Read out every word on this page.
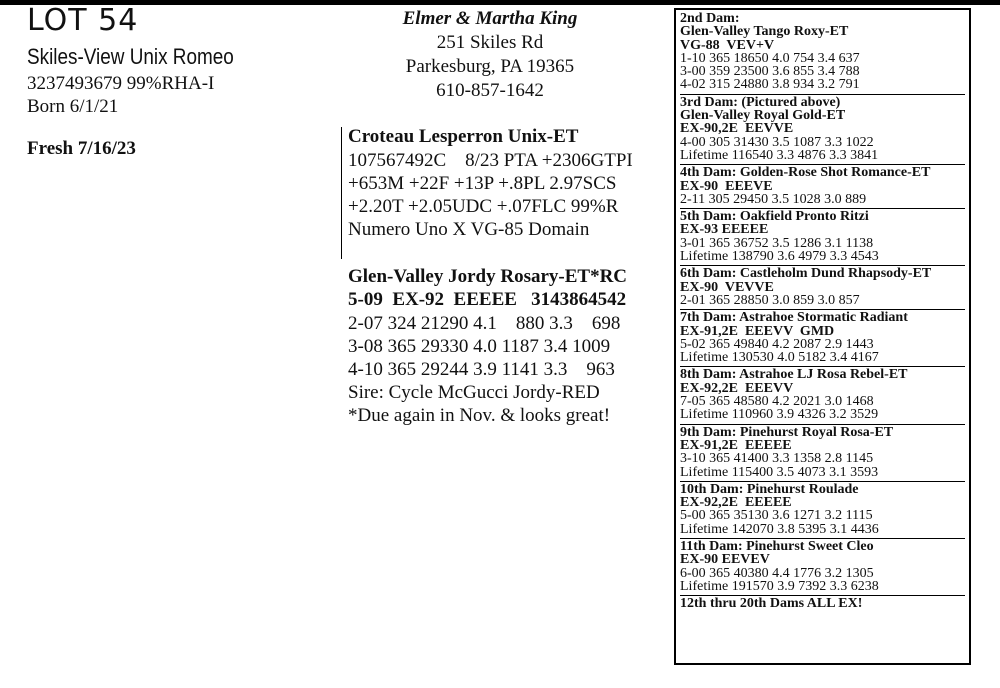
LOT 54
Skiles-View Unix Romeo
3237493679 99%RHA-I
Born 6/1/21
Fresh 7/16/23
Elmer & Martha King
251 Skiles Rd
Parkesburg, PA 19365
610-857-1642
Croteau Lesperron Unix-ET
107567492C    8/23 PTA +2306GTPI
+653M +22F +13P +.8PL 2.97SCS
+2.20T +2.05UDC +.07FLC 99%R
Numero Uno X VG-85 Domain
Glen-Valley Jordy Rosary-ET*RC
5-09  EX-92  EEEEE   3143864542
2-07 324 21290 4.1    880 3.3    698
3-08 365 29330 4.0 1187 3.4 1009
4-10 365 29244 3.9 1141 3.3    963
Sire: Cycle McGucci Jordy-RED
*Due again in Nov. & looks great!
2nd Dam:
Glen-Valley Tango Roxy-ET
VG-88  VEV+V
1-10 365 18650 4.0 754 3.4 637
3-00 359 23500 3.6 855 3.4 788
4-02 315 24880 3.8 934 3.2 791
3rd Dam: (Pictured above)
Glen-Valley Royal Gold-ET
EX-90,2E  EEVVE
4-00 305 31430 3.5 1087 3.3 1022
Lifetime 116540 3.3 4876 3.3 3841
4th Dam: Golden-Rose Shot Romance-ET
EX-90  EEEVE
2-11 305 29450 3.5 1028 3.0 889
5th Dam: Oakfield Pronto Ritzi
EX-93 EEEEE
3-01 365 36752 3.5 1286 3.1 1138
Lifetime 138790 3.6 4979 3.3 4543
6th Dam: Castleholm Dund Rhapsody-ET
EX-90  VEVVE
2-01 365 28850 3.0 859 3.0 857
7th Dam: Astrahoe Stormatic Radiant
EX-91,2E  EEEVV  GMD
5-02 365 49840 4.2 2087 2.9 1443
Lifetime 130530 4.0 5182 3.4 4167
8th Dam: Astrahoe LJ Rosa Rebel-ET
EX-92,2E  EEEVV
7-05 365 48580 4.2 2021 3.0 1468
Lifetime 110960 3.9 4326 3.2 3529
9th Dam: Pinehurst Royal Rosa-ET
EX-91,2E  EEEEE
3-10 365 41400 3.3 1358 2.8 1145
Lifetime 115400 3.5 4073 3.1 3593
10th Dam: Pinehurst Roulade
EX-92,2E  EEEEE
5-00 365 35130 3.6 1271 3.2 1115
Lifetime 142070 3.8 5395 3.1 4436
11th Dam: Pinehurst Sweet Cleo
EX-90 EEVEV
6-00 365 40380 4.4 1776 3.2 1305
Lifetime 191570 3.9 7392 3.3 6238
12th thru 20th Dams ALL EX!
